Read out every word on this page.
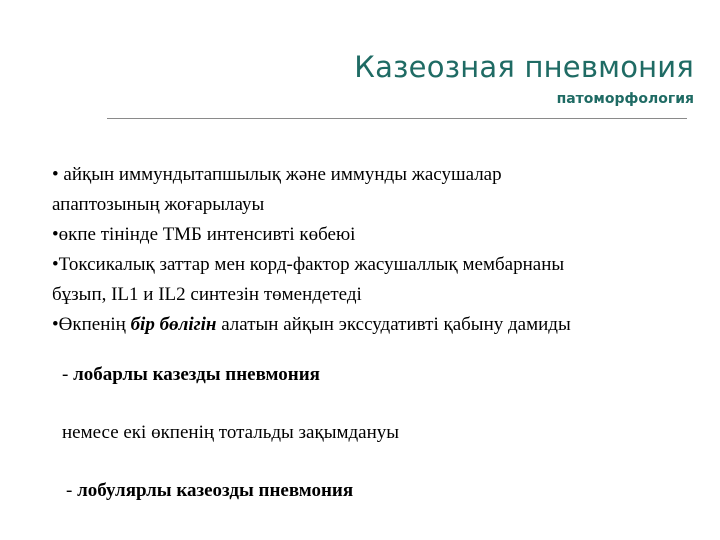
Казеозная пневмония
патоморфология
• айқын иммундытапшылық және иммунды жасушалар
апаптозының жоғарылауы
•өкпе тінінде ТМБ интенсивті көбеюі
•Токсикалық заттар мен корд-фактор жасушаллық мембарнаны
бұзып, IL1 и IL2 синтезін төмендетеді
•Өкпенің бір бөлігін алатын айқын экссудативті қабыну дамиды
- лобарлы казезды пневмония
немесе екі өкпенің тотальды зақымдануы
- лобулярлы казеозды пневмония
